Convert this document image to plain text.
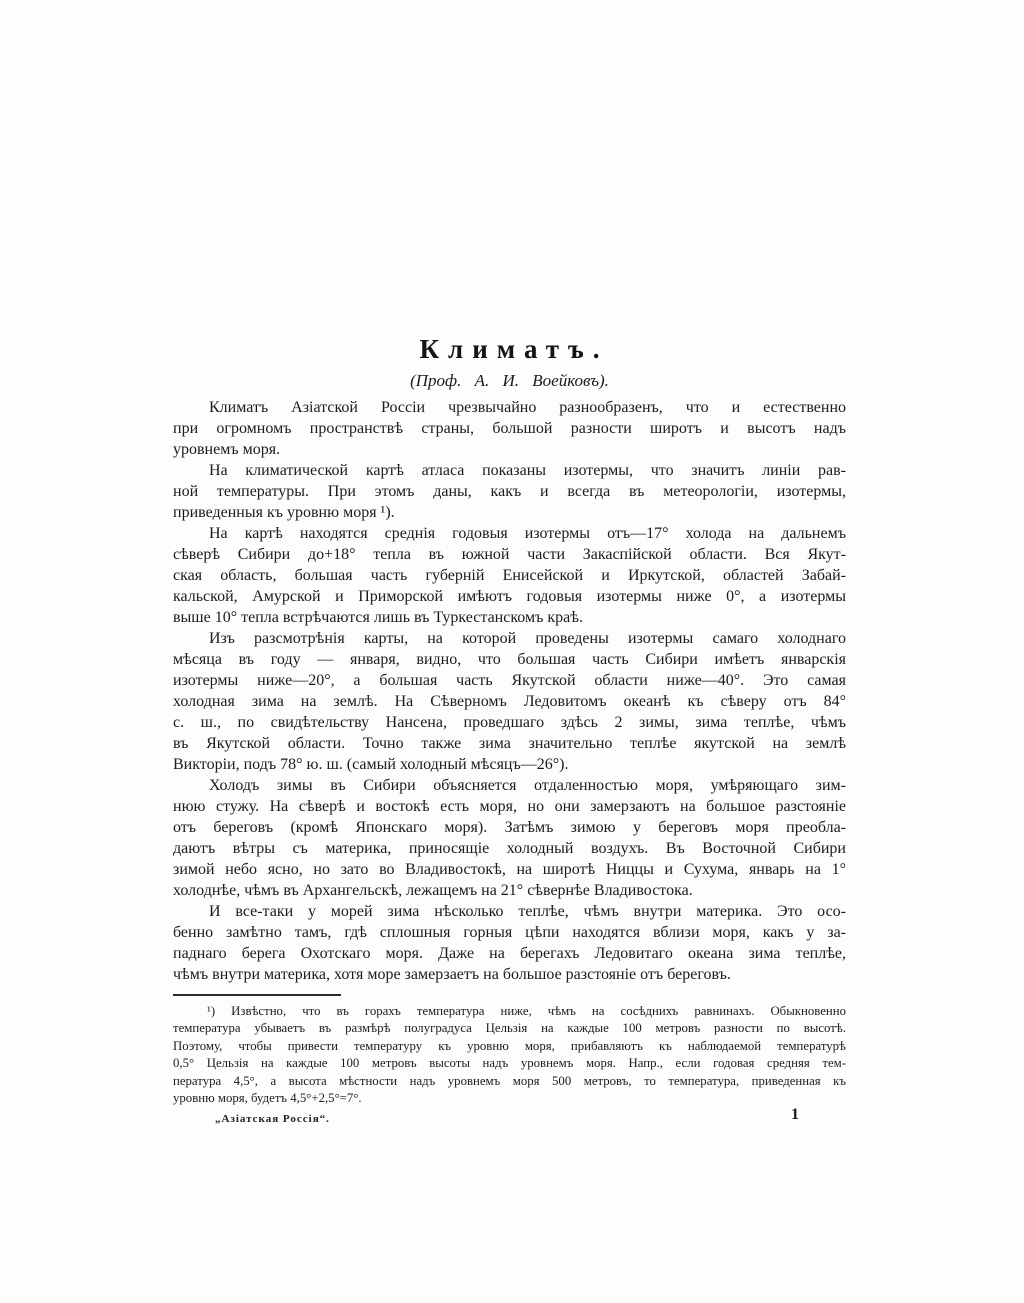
Климатъ.
(Проф. А. И. Воейковъ).
Климатъ Азіатской Россіи чрезвычайно разнообразенъ, что и естественно
при огромномъ пространствѣ страны, большой разности широтъ и высотъ надъ
уровнемъ моря.
На климатической картѣ атласа показаны изотермы, что значитъ линіи рав-
ной температуры. При этомъ даны, какъ и всегда въ метеорологіи, изотермы,
приведенныя къ уровню моря ¹).
На картѣ находятся среднія годовыя изотермы отъ—17° холода на дальнемъ
сѣверѣ Сибири до+18° тепла въ южной части Закаспійской области. Вся Якут-
ская область, большая часть губерній Енисейской и Иркутской, областей Забай-
кальской, Амурской и Приморской имѣютъ годовыя изотермы ниже 0°, а изотермы
выше 10° тепла встрѣчаются лишь въ Туркестанскомъ краѣ.
Изъ разсмотрѣнія карты, на которой проведены изотермы самаго холоднаго
мѣсяца въ году — января, видно, что большая часть Сибири имѣетъ январскія
изотермы ниже—20°, а большая часть Якутской области ниже—40°. Это самая
холодная зима на землѣ. На Сѣверномъ Ледовитомъ океанѣ къ сѣверу отъ 84°
с. ш., по свидѣтельству Нансена, проведшаго здѣсь 2 зимы, зима теплѣе, чѣмъ
въ Якутской области. Точно также зима значительно теплѣе якутской на землѣ
Викторіи, подъ 78° ю. ш. (самый холодный мѣсяцъ—26°).
Холодъ зимы въ Сибири объясняется отдаленностью моря, умѣряющаго зим-
нюю стужу. На сѣверѣ и востокѣ есть моря, но они замерзаютъ на большое разстояніе
отъ береговъ (кромѣ Японскаго моря). Затѣмъ зимою у береговъ моря преобла-
даютъ вѣтры съ материка, приносящіе холодный воздухъ. Въ Восточной Сибири
зимой небо ясно, но зато во Владивостокѣ, на широтѣ Ниццы и Сухума, январь на 1°
холоднѣе, чѣмъ въ Архангельскѣ, лежащемъ на 21° сѣвернѣе Владивостока.
И все-таки у морей зима нѣсколько теплѣе, чѣмъ внутри материка. Это осо-
бенно замѣтно тамъ, гдѣ сплошныя горныя цѣпи находятся вблизи моря, какъ у за-
паднаго берега Охотскаго моря. Даже на берегахъ Ледовитаго океана зима теплѣе,
чѣмъ внутри материка, хотя море замерзаетъ на большое разстояніе отъ береговъ.
¹) Извѣстно, что въ горахъ температура ниже, чѣмъ на сосѣднихъ равнинахъ. Обыкновенно
температура убываетъ въ размѣрѣ полуградуса Цельзія на каждые 100 метровъ разности по высотѣ.
Поэтому, чтобы привести температуру къ уровню моря, прибавляютъ къ наблюдаемой температурѣ
0,5° Цельзія на каждые 100 метровъ высоты надъ уровнемъ моря. Напр., если годовая средняя тем-
пература 4,5°, а высота мѣстности надъ уровнемъ моря 500 метровъ, то температура, приведенная къ
уровню моря, будетъ 4,5°+2,5°=7°.
„Азіатская Россія“.	1
